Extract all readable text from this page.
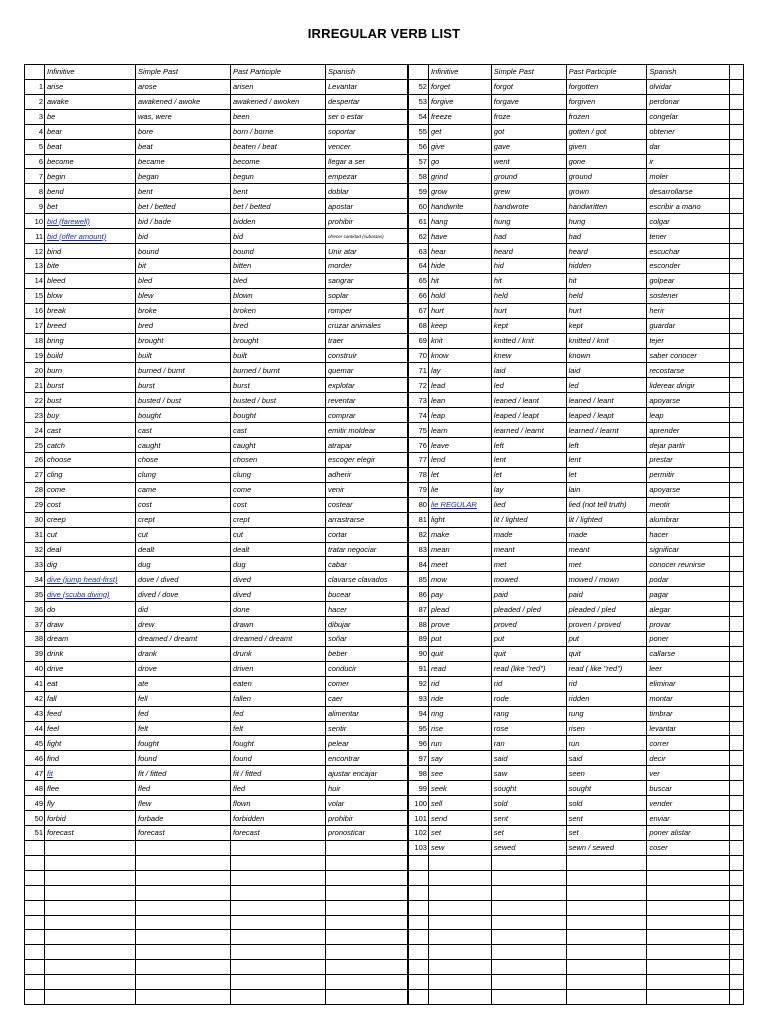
IRREGULAR VERB LIST
	Infinitive	Simple Past	Past Participle	Spanish
1	arise	arose	arisen	Levantar
2	awake	awakened / awoke	awakened / awoken	despertar
3	be	was, were	been	ser o estar
4	bear	bore	born / borne	soportar
5	beat	beat	beaten / beat	vencer
6	become	became	become	llegar a ser
7	begin	began	begun	empezar
8	bend	bent	bent	doblar
9	bet	bet / betted	bet / betted	apostar
10	bid (farewell)	bid / bade	bidden	prohibir
11	bid (offer amount)	bid	bid	ofrecer cantidad (subastas)
12	bind	bound	bound	Unir atar
13	bite	bit	bitten	morder
14	bleed	bled	bled	sangrar
15	blow	blew	blown	soplar
16	break	broke	broken	romper
17	breed	bred	bred	cruzar animales
18	bring	brought	brought	traer
19	build	built	built	construir
20	burn	burned / burnt	burned / burnt	quemar
21	burst	burst	burst	explotar
22	bust	busted / bust	busted / bust	reventar
23	buy	bought	bought	comprar
24	cast	cast	cast	emitir moldear
25	catch	caught	caught	atrapar
26	choose	chose	chosen	escoger elegir
27	cling	clung	clung	adherir
28	come	came	come	venir
29	cost	cost	cost	costear
30	creep	crept	crept	arrastrarse
31	cut	cut	cut	cortar
32	deal	dealt	dealt	tratar negociar
33	dig	dug	dug	cabar
34	dive (jump head-first)	dove / dived	dived	clavarse clavados
35	dive (scuba diving)	dived / dove	dived	bucear
36	do	did	done	hacer
37	draw	drew	drawn	dibujar
38	dream	dreamed / dreamt	dreamed / dreamt	soñar
39	drink	drank	drunk	beber
40	drive	drove	driven	conducir
41	eat	ate	eaten	comer
42	fall	fell	fallen	caer
43	feed	fed	fed	alimentar
44	feel	felt	felt	sentir
45	fight	fought	fought	pelear
46	find	found	found	encontrar
47	fit	fit / fitted	fit / fitted	ajustar encajar
48	flee	fled	fled	huir
49	fly	flew	flown	volar
50	forbid	forbade	forbidden	prohibir
51	forecast	forecast	forecast	pronosticar

	Infinitive	Simple Past	Past Participle	Spanish	
52	forget	forgot	forgotten	olvidar	
53	forgive	forgave	forgiven	perdonar	
54	freeze	froze	frozen	congelar	
55	get	got	gotten / got	obtener	
56	give	gave	given	dar	
57	go	went	gone	ir	
58	grind	ground	ground	moler	
59	grow	grew	grown	desarrollarse	
60	handwrite	handwrote	handwritten	escribir a mano	
61	hang	hung	hung	colgar	
62	have	had	had	tener	
63	hear	heard	heard	escuchar	
64	hide	hid	hidden	esconder	
65	hit	hit	hit	golpear	
66	hold	held	held	sostener	
67	hurt	hurt	hurt	herir	
68	keep	kept	kept	guardar	
69	knit	knitted / knit	knitted / knit	tejer	
70	know	knew	known	saber conocer	
71	lay	laid	laid	recostarse	
72	lead	led	led	liderear dirigir	
73	lean	leaned / leant	leaned / leant	apoyarse	
74	leap	leaped / leapt	leaped / leapt	leap	
75	learn	learned / learnt	learned / learnt	aprender	
76	leave	left	left	dejar partir	
77	lend	lent	lent	prestar	
78	let	let	let	permitir	
79	lie	lay	lain	apoyarse	
80	lie REGULAR	lied	lied (not tell truth)	mentir	
81	light	lit / lighted	lit / lighted	alumbrar	
82	make	made	made	hacer	
83	mean	meant	meant	significar	
84	meet	met	met	conocer reunirse	
85	mow	mowed	mowed / mown	podar	
86	pay	paid	paid	pagar	
87	plead	pleaded / pled	pleaded / pled	alegar	
88	prove	proved	proven / proved	provar	
89	put	put	put	poner	
90	quit	quit	quit	callarse	
91	read	read (like "red")	read ( like "red")	leer	
92	rid	rid	rid	eliminar	
93	ride	rode	ridden	montar	
94	ring	rang	rung	timbrar	
95	rise	rose	risen	levantar	
96	run	ran	run	correr	
97	say	said	said	decir	
98	see	saw	seen	ver	
99	seek	sought	sought	buscar	
100	sell	sold	sold	vender	
101	send	sent	sent	enviar	
102	set	set	set	poner alistar	
103	sew	sewed	sewn / sewed	coser	
